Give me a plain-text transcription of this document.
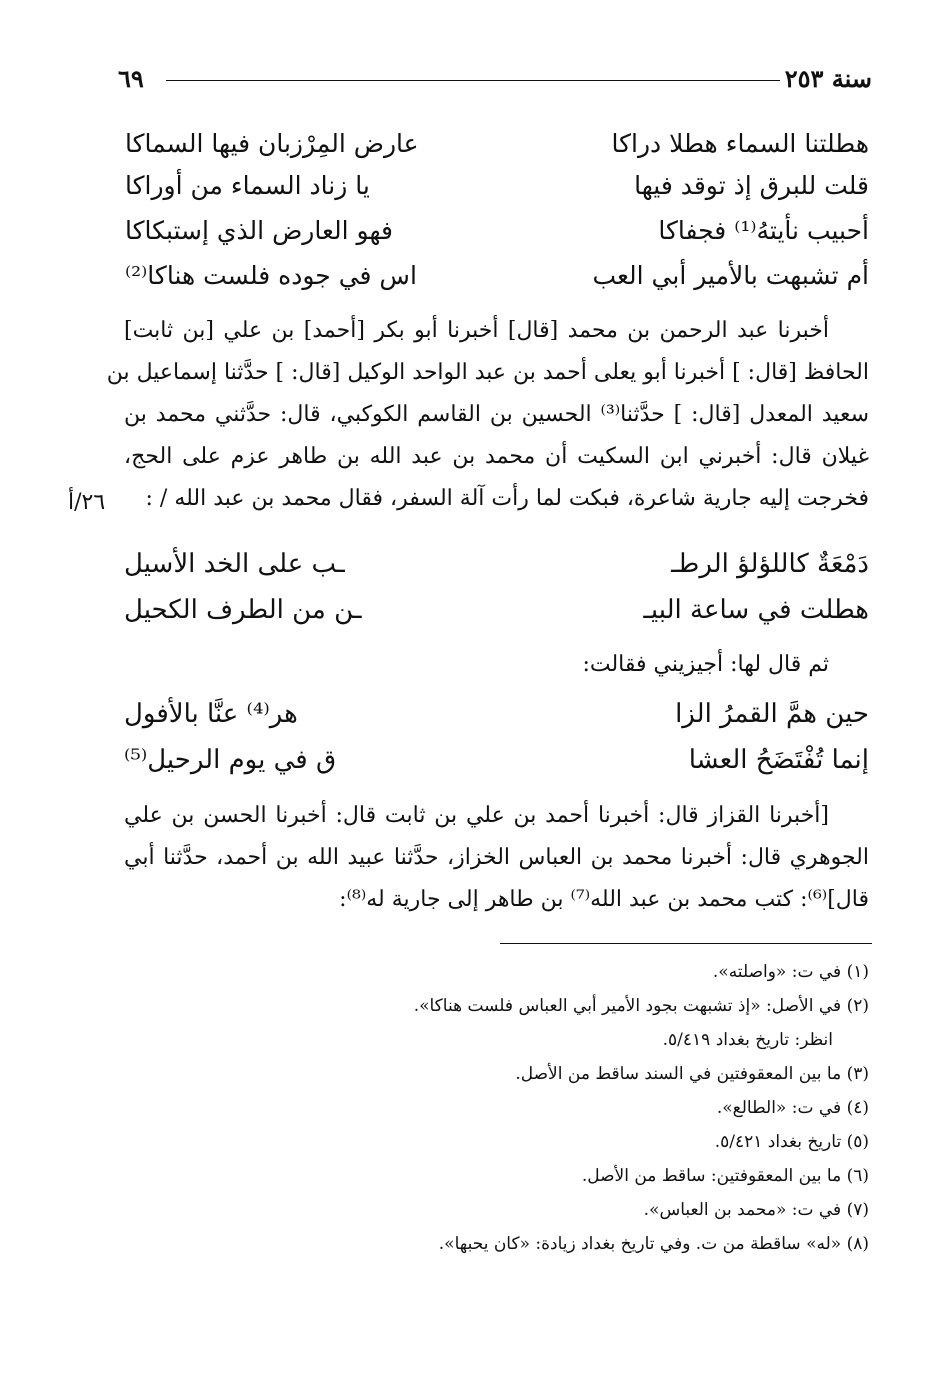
سنة ٢٥٣
٦٩
هطلتنا السماء هطلا دراكا
عارض المِرْزبان فيها السماكا
قلت للبرق إذ توقد فيها
يا زناد السماء من أوراكا
أحبيب نأيتهُ⁽¹⁾ فجفاكا
فهو العارض الذي إستبكاكا
أم تشبهت بالأمير أبي العب
اس في جوده فلست هناكا⁽²⁾
أخبرنا عبد الرحمن بن محمد [قال] أخبرنا أبو بكر [أحمد] بن علي [بن ثابت]
الحافظ [قال: ] أخبرنا أبو يعلى أحمد بن عبد الواحد الوكيل [قال: ] حدَّثنا إسماعيل بن
سعيد المعدل [قال: ] حدَّثنا⁽³⁾ الحسين بن القاسم الكوكبي، قال: حدَّثني محمد بن
غيلان قال: أخبرني ابن السكيت أن محمد بن عبد الله بن طاهر عزم على الحج،
فخرجت إليه جارية شاعرة، فبكت لما رأت آلة السفر، فقال محمد بن عبد الله / :
٢٦/أ
دَمْعَةٌ كاللؤلؤ الرطـ
ـب على الخد الأسيل
هطلت في ساعة البيـ
ـن من الطرف الكحيل
ثم قال لها: أجيزيني فقالت:
حين همَّ القمرُ الزا
هر⁽⁴⁾ عنَّا بالأفول
إنما تُفْتَضَحُ العشا
ق في يوم الرحيل⁽⁵⁾
[أخبرنا القزاز قال: أخبرنا أحمد بن علي بن ثابت قال: أخبرنا الحسن بن علي
الجوهري قال: أخبرنا محمد بن العباس الخزاز، حدَّثنا عبيد الله بن أحمد، حدَّثنا أبي
قال]⁽⁶⁾: كتب محمد بن عبد الله⁽⁷⁾ بن طاهر إلى جارية له⁽⁸⁾:
(١) في ت: «واصلته».
(٢) في الأصل: «إذ تشبهت بجود الأمير أبي العباس فلست هناكا».
انظر: تاريخ بغداد ٥/٤١٩.
(٣) ما بين المعقوفتين في السند ساقط من الأصل.
(٤) في ت: «الطالع».
(٥) تاريخ بغداد ٥/٤٢١.
(٦) ما بين المعقوفتين: ساقط من الأصل.
(٧) في ت: «محمد بن العباس».
(٨) «له» ساقطة من ت. وفي تاريخ بغداد زيادة: «كان يحبها».
